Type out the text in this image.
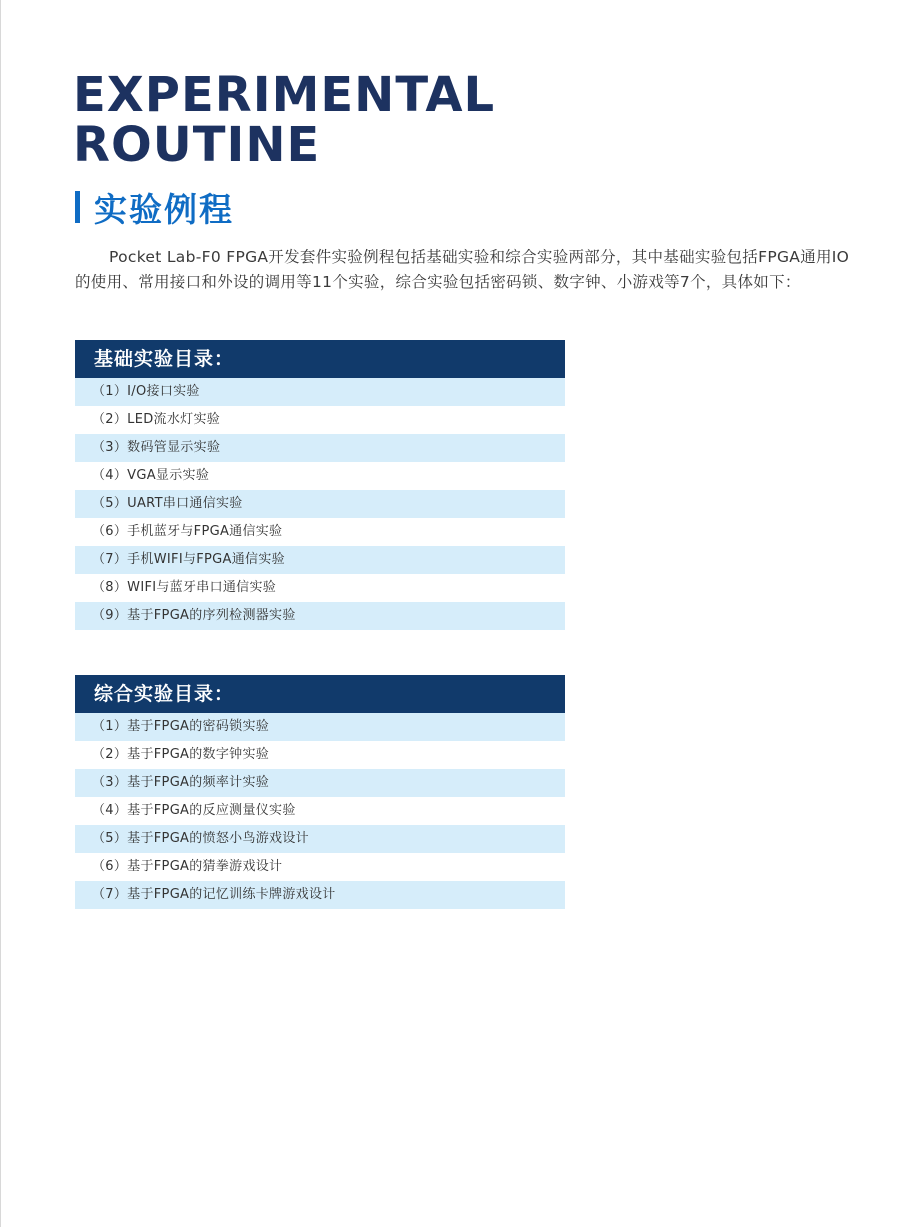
EXPERIMENTAL
ROUTINE
实验例程

Pocket Lab-F0 FPGA开发套件实验例程包括基础实验和综合实验两部分，其中基础实验包括FPGA通用IO的使用、常用接口和外设的调用等11个实验，综合实验包括密码锁、数字钟、小游戏等7个，具体如下：

基础实验目录：
（1）I/O接口实验
（2）LED流水灯实验
（3）数码管显示实验
（4）VGA显示实验
（5）UART串口通信实验
（6）手机蓝牙与FPGA通信实验
（7）手机WIFI与FPGA通信实验
（8）WIFI与蓝牙串口通信实验
（9）基于FPGA的序列检测器实验
综合实验目录：
（1）基于FPGA的密码锁实验
（2）基于FPGA的数字钟实验
（3）基于FPGA的频率计实验
（4）基于FPGA的反应测量仪实验
（5）基于FPGA的愤怒小鸟游戏设计
（6）基于FPGA的猜拳游戏设计
（7）基于FPGA的记忆训练卡牌游戏设计
